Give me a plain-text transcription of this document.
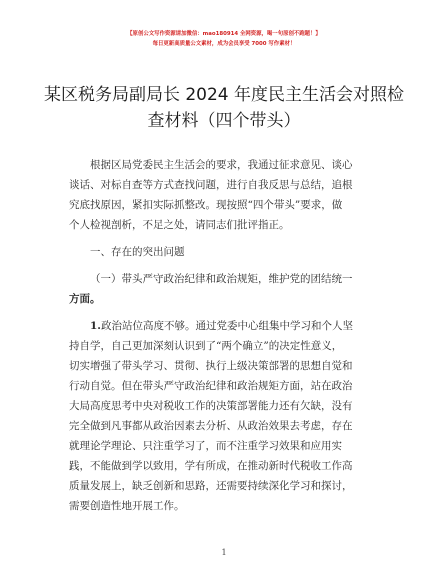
【原创公文写作资源请加微信：mao180914 全网资源，喝一句原创不跑题！】
每日更新高质量公文素材，成为会员享受 7000 写作素材！
某区税务局副局长 2024 年度民主生活会对照检
查材料（四个带头）
根据区局党委民主生活会的要求，我通过征求意见、谈心
谈话、对标自查等方式查找问题，进行自我反思与总结，追根
究底找原因，紧扣实际抓整改。现按照“四个带头”要求，做
个人检视剖析，不足之处，请同志们批评指正。
一、存在的突出问题
（一）带头严守政治纪律和政治规矩，维护党的团结统一
方面。
1.政治站位高度不够。通过党委中心组集中学习和个人坚
持自学，自己更加深刻认识到了“两个确立”的决定性意义，
切实增强了带头学习、贯彻、执行上级决策部署的思想自觉和
行动自觉。但在带头严守政治纪律和政治规矩方面，站在政治
大局高度思考中央对税收工作的决策部署能力还有欠缺，没有
完全做到凡事都从政治因素去分析、从政治效果去考虑，存在
就理论学理论、只注重学习了，而不注重学习效果和应用实
践，不能做到学以致用，学有所成，在推动新时代税收工作高
质量发展上，缺乏创新和思路，还需要持续深化学习和探讨，
需要创造性地开展工作。
1
